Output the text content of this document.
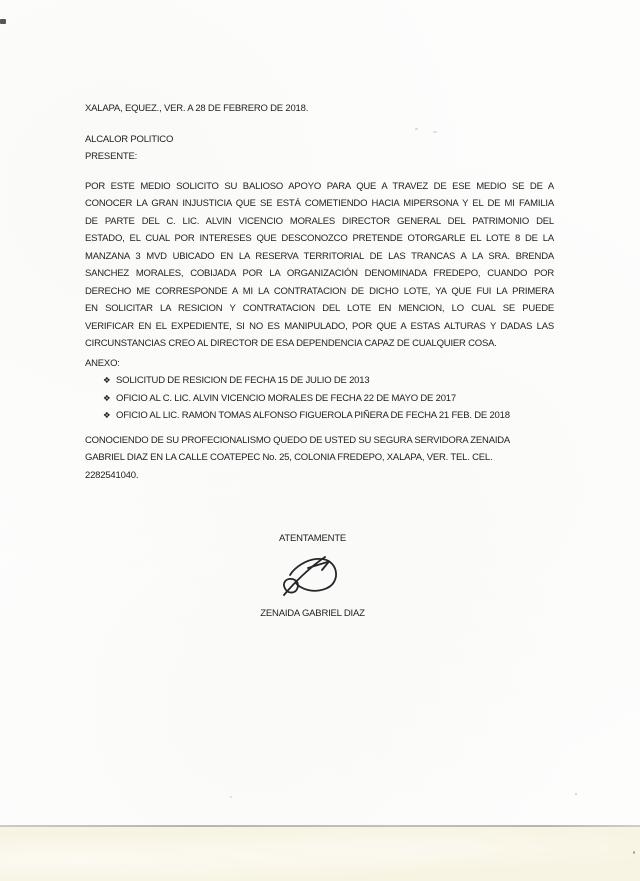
XALAPA, EQUEZ., VER. A 28 DE FEBRERO DE 2018.
ALCALOR POLITICO
PRESENTE:
POR ESTE MEDIO SOLICITO SU BALIOSO APOYO PARA QUE A TRAVEZ DE ESE MEDIO SE DE A
CONOCER LA GRAN INJUSTICIA QUE SE ESTÁ COMETIENDO HACIA MIPERSONA Y EL DE MI FAMILIA
DE PARTE DEL C. LIC. ALVIN VICENCIO MORALES DIRECTOR GENERAL DEL PATRIMONIO DEL
ESTADO, EL CUAL POR INTERESES QUE DESCONOZCO PRETENDE OTORGARLE EL LOTE 8 DE LA
MANZANA 3 MVD UBICADO EN LA RESERVA TERRITORIAL DE LAS TRANCAS A LA SRA. BRENDA
SANCHEZ MORALES, COBIJADA POR LA ORGANIZACIÓN DENOMINADA FREDEPO, CUANDO POR
DERECHO ME CORRESPONDE A MI LA CONTRATACION DE DICHO LOTE, YA QUE FUI LA PRIMERA
EN SOLICITAR LA RESICION Y CONTRATACION DEL LOTE EN MENCION, LO CUAL SE PUEDE
VERIFICAR EN EL EXPEDIENTE, SI NO ES MANIPULADO, POR QUE A ESTAS ALTURAS Y DADAS LAS
CIRCUNSTANCIAS CREO AL DIRECTOR DE ESA DEPENDENCIA CAPAZ DE CUALQUIER COSA.
ANEXO:
❖ SOLICITUD DE RESICION DE FECHA 15 DE JULIO DE 2013
❖ OFICIO AL C. LIC. ALVIN VICENCIO MORALES DE FECHA 22 DE MAYO DE 2017
❖ OFICIO AL LIC. RAMON TOMAS ALFONSO FIGUEROLA PIÑERA DE FECHA 21 FEB. DE 2018
CONOCIENDO DE SU PROFECIONALISMO QUEDO DE USTED SU SEGURA SERVIDORA ZENAIDA
GABRIEL DIAZ EN LA CALLE COATEPEC No. 25, COLONIA FREDEPO, XALAPA, VER. TEL. CEL.
2282541040.
ATENTAMENTE
ZENAIDA GABRIEL DIAZ
